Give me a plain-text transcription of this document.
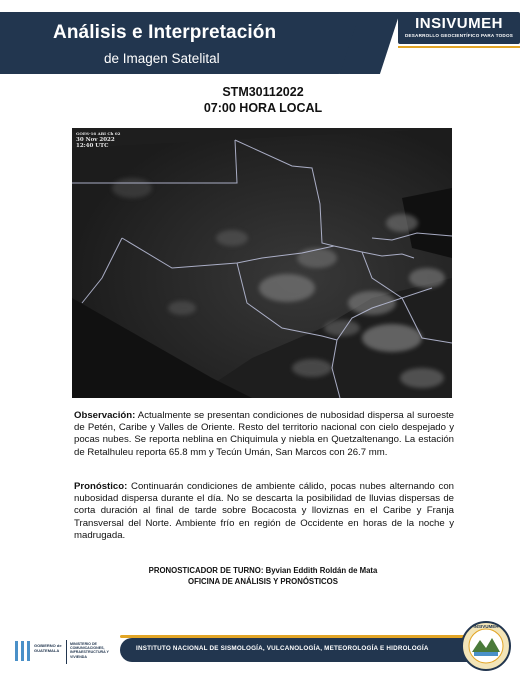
Análisis e Interpretación
de Imagen Satelital
INSIVUMEH
DESARROLLO GEOCIENTÍFICO PARA TODOS
STM30112022
07:00 HORA LOCAL
GOES-16 ABI Ch 02
30 Nov 2022
12:40 UTC
Observación: Actualmente se presentan condiciones de nubosidad dispersa al suroeste de Petén, Caribe y Valles de Oriente. Resto del territorio nacional con cielo despejado y pocas nubes. Se reporta neblina en Chiquimula y niebla en Quetzaltenango. La estación de Retalhuleu reporta 65.8 mm y Tecún Umán, San Marcos con 26.7 mm.
Pronóstico: Continuarán condiciones de ambiente cálido, pocas nubes alternando con nubosidad dispersa durante el día. No se descarta la posibilidad de lluvias dispersas de corta duración al final de tarde sobre Bocacosta y lloviznas en el Caribe y Franja Transversal del Norte. Ambiente frío en región de Occidente en horas de la noche y madrugada.
PRONOSTICADOR DE TURNO: Byvian Eddith Roldán de Mata
OFICINA DE ANÁLISIS Y PRONÓSTICOS
GOBIERNO de GUATEMALA
MINISTERIO DE COMUNICACIONES, INFRAESTRUCTURA Y VIVIENDA
INSTITUTO NACIONAL DE SISMOLOGÍA, VULCANOLOGÍA, METEOROLOGÍA E HIDROLOGÍA
INSIVUMEH
